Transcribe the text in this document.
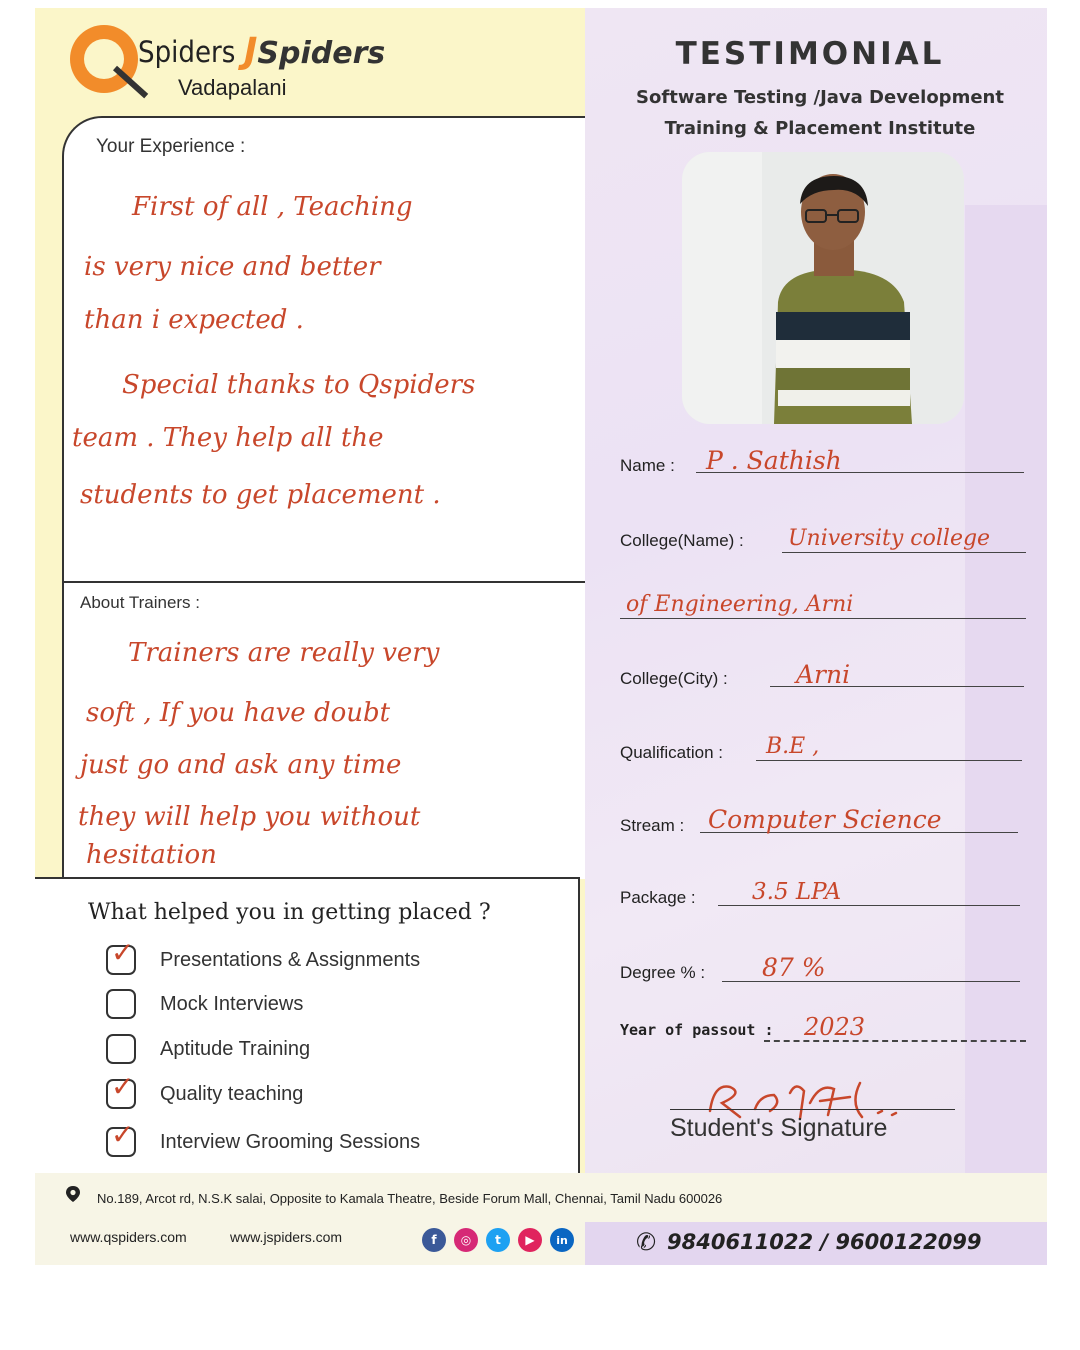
Spiders JSpiders
Vadapalani
TESTIMONIAL
Software Testing /Java Development
Training & Placement Institute
Your Experience :
First of all , Teaching
is very nice and better
than i expected .
Special thanks to Qspiders
team . They help all the
students to get placement .
About Trainers :
Trainers are really very
soft , If you have doubt
just go and ask any time
they will help you without
hesitation
What helped you in getting placed ?
✓ Presentations & Assignments
Mock Interviews
Aptitude Training
✓ Quality teaching
✓ Interview Grooming Sessions
Name : P . Sathish
College(Name) : University college
of Engineering, Arni
College(City) :	Arni
Qualification : B.E ,
Stream : Computer Science
Package : 3.5 LPA
Degree % : 87 %
Year of passout : 2023
Student's Signature
No.189, Arcot rd, N.S.K salai, Opposite to Kamala Theatre, Beside Forum Mall, Chennai, Tamil Nadu 600026
www.qspiders.com	www.jspiders.com	f	◎	t	▶	in	✆ 9840611022 / 9600122099
